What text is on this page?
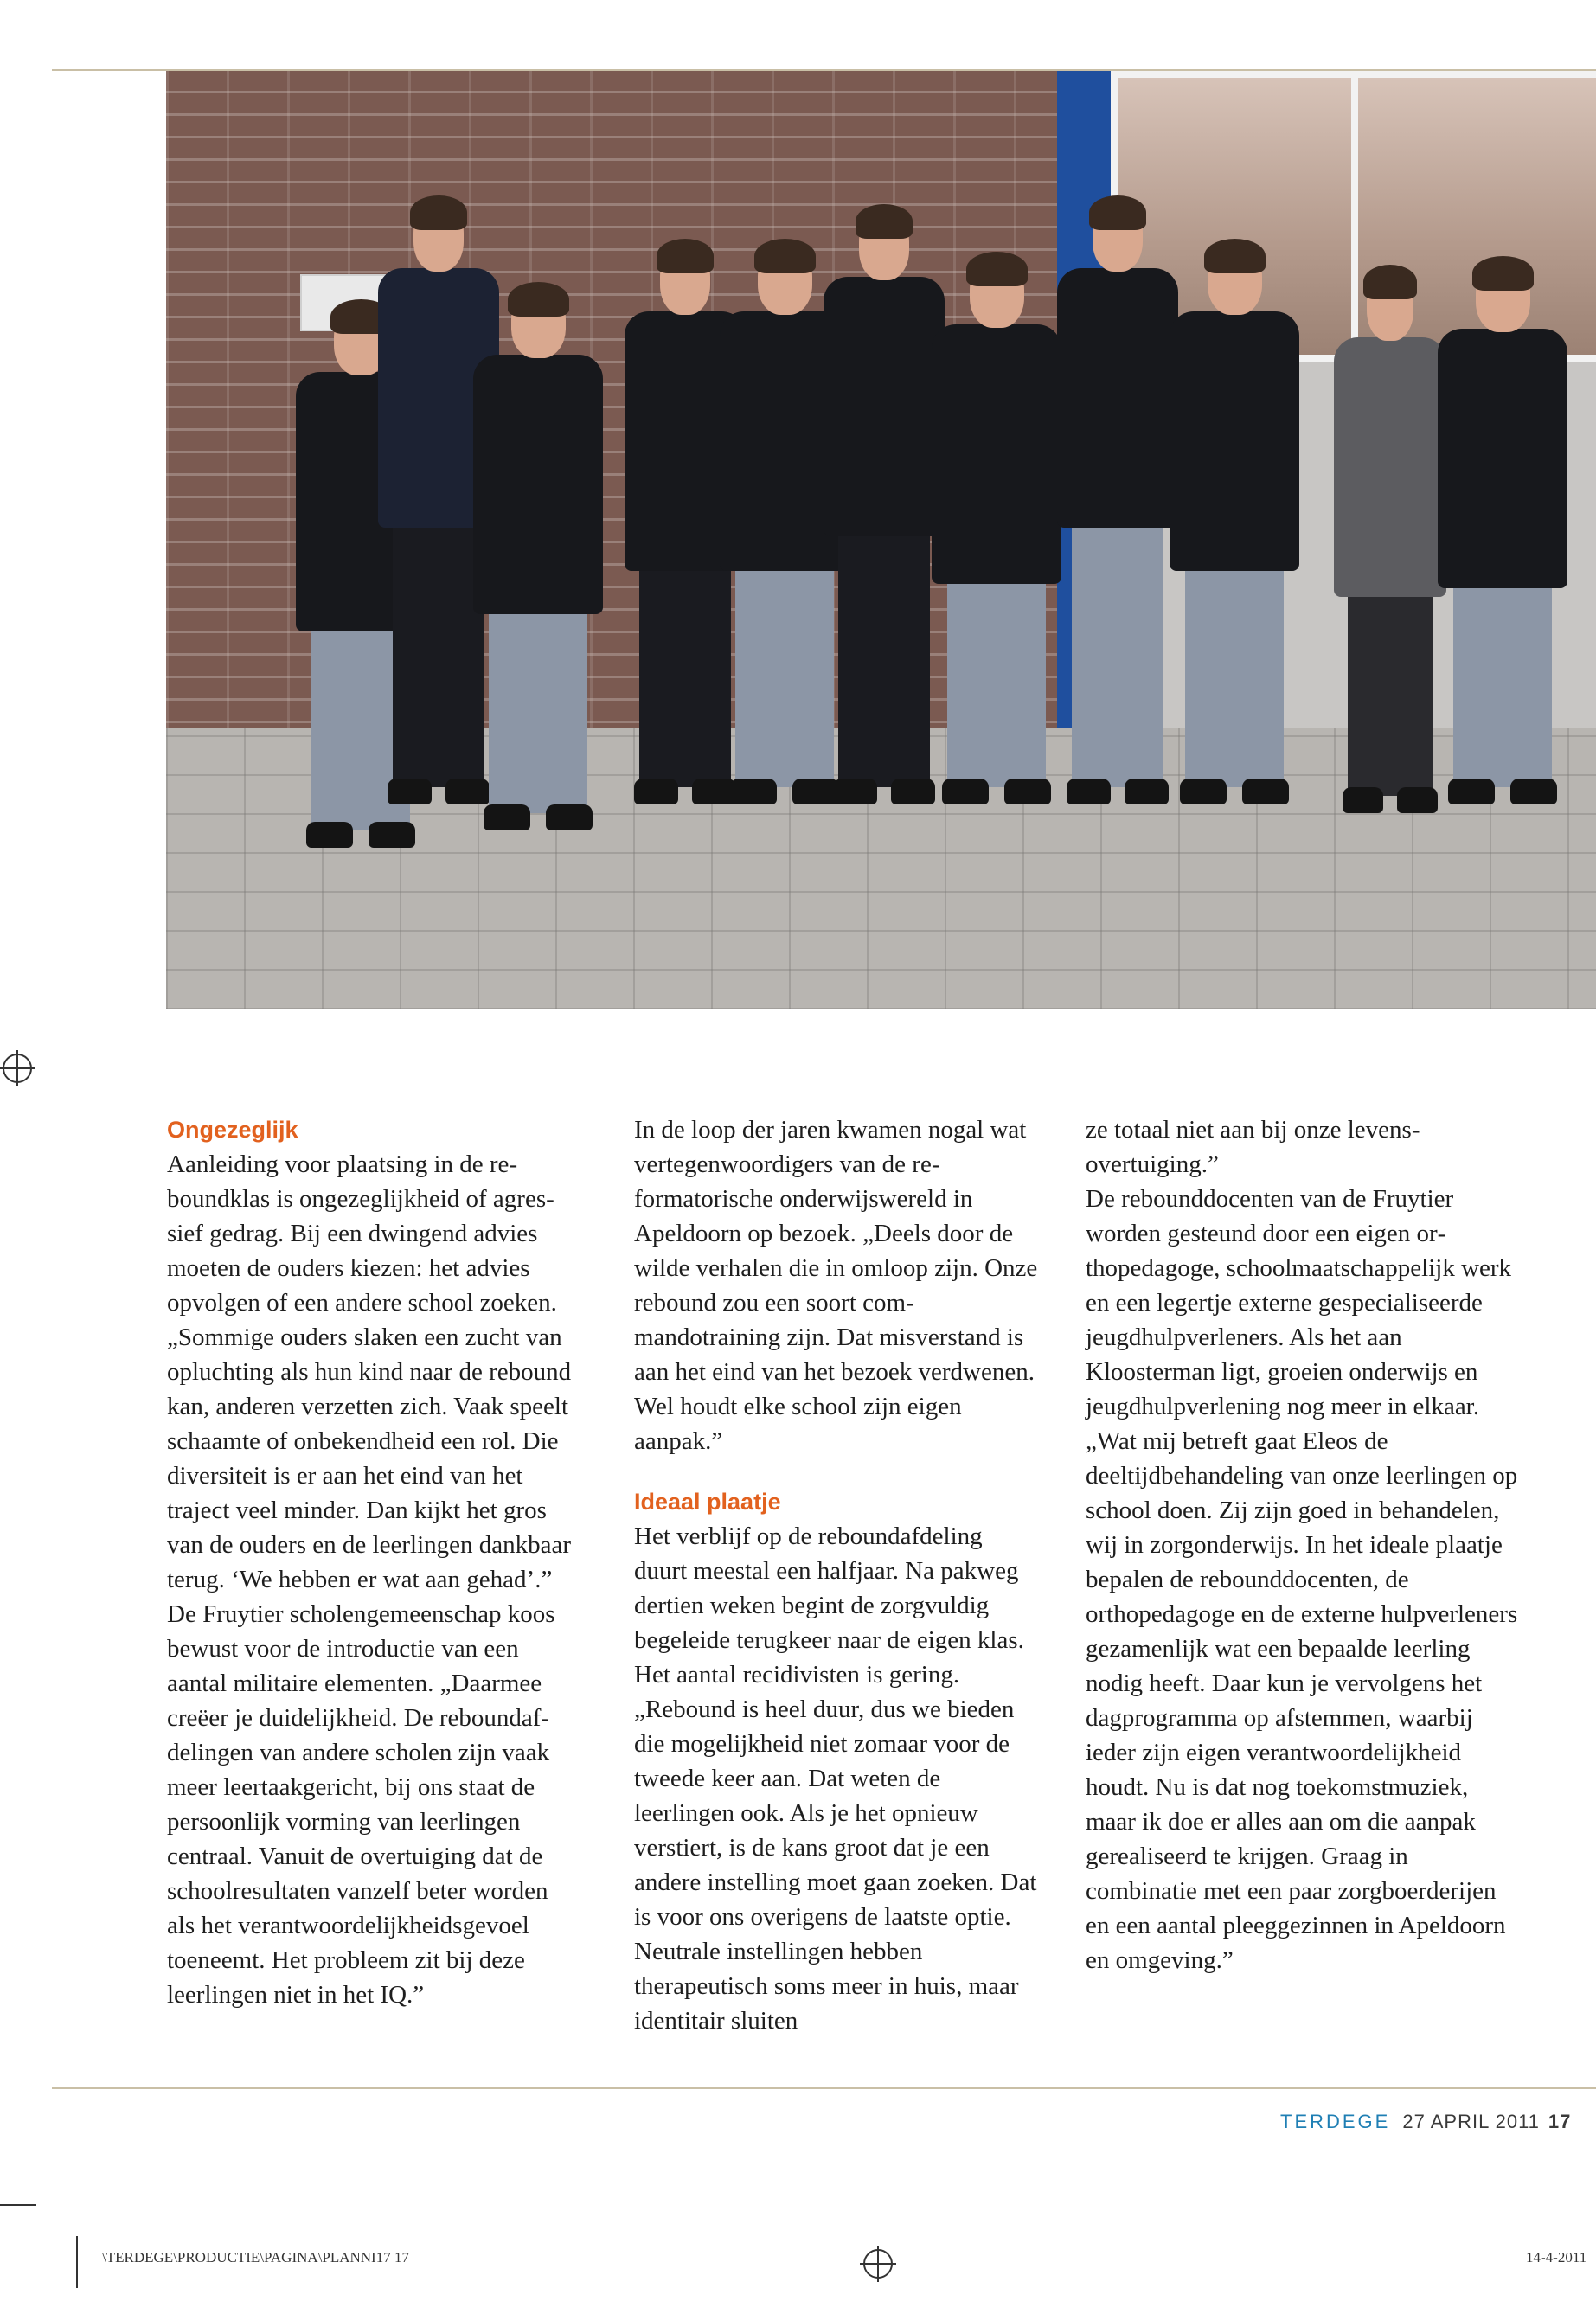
Ongezeglijk

Aanleiding voor plaatsing in de reboundklas is ongezeglijkheid of agressief gedrag. Bij een dwingend advies moeten de ouders kiezen: het advies opvolgen of een andere school zoeken. „Sommige ouders slaken een zucht van opluchting als hun kind naar de rebound kan, anderen verzetten zich. Vaak speelt schaamte of onbekendheid een rol. Die diversiteit is er aan het eind van het traject veel minder. Dan kijkt het gros van de ouders en de leerlingen dankbaar terug. ‘We hebben er wat aan gehad’.”

De Fruytier scholengemeenschap koos bewust voor de introductie van een aantal militaire elementen. „Daarmee creëer je duidelijkheid. De reboundafdelingen van andere scholen zijn vaak meer leertaakgericht, bij ons staat de persoonlijk vorming van leerlingen centraal. Vanuit de overtuiging dat de schoolresultaten vanzelf beter worden als het verantwoordelijkheidsgevoel toeneemt. Het probleem zit bij deze leerlingen niet in het IQ.”

In de loop der jaren kwamen nogal wat vertegenwoordigers van de reformatorische onderwijswereld in Apeldoorn op bezoek. „Deels door de wilde verhalen die in omloop zijn. Onze rebound zou een soort commandotraining zijn. Dat misverstand is aan het eind van het bezoek verdwenen. Wel houdt elke school zijn eigen aanpak.”

Ideaal plaatje

Het verblijf op de reboundafdeling duurt meestal een halfjaar. Na pakweg dertien weken begint de zorgvuldig begeleide terugkeer naar de eigen klas. Het aantal recidivisten is gering. „Rebound is heel duur, dus we bieden die mogelijkheid niet zomaar voor de tweede keer aan. Dat weten de leerlingen ook. Als je het opnieuw verstiert, is de kans groot dat je een andere instelling moet gaan zoeken. Dat is voor ons overigens de laatste optie. Neutrale instellingen hebben therapeutisch soms meer in huis, maar identitair sluiten

ze totaal niet aan bij onze levensovertuiging.”

De rebounddocenten van de Fruytier worden gesteund door een eigen orthopedagoge, schoolmaatschappelijk werk en een legertje externe gespecialiseerde jeugdhulpverleners. Als het aan Kloosterman ligt, groeien onderwijs en jeugdhulpverlening nog meer in elkaar. „Wat mij betreft gaat Eleos de deeltijdbehandeling van onze leerlingen op school doen. Zij zijn goed in behandelen, wij in zorgonderwijs. In het ideale plaatje bepalen de rebounddocenten, de orthopedagoge en de externe hulpverleners gezamenlijk wat een bepaalde leerling nodig heeft. Daar kun je vervolgens het dagprogramma op afstemmen, waarbij ieder zijn eigen verantwoordelijkheid houdt. Nu is dat nog toekomstmuziek, maar ik doe er alles aan om die aanpak gerealiseerd te krijgen. Graag in combinatie met een paar zorgboerderijen en een aantal pleeggezinnen in Apeldoorn en omgeving.”

TERDEGE 27 APRIL 2011 17
\TERDEGE\PRODUCTIE\PAGINA\PLANNI17 17	14-4-2011
